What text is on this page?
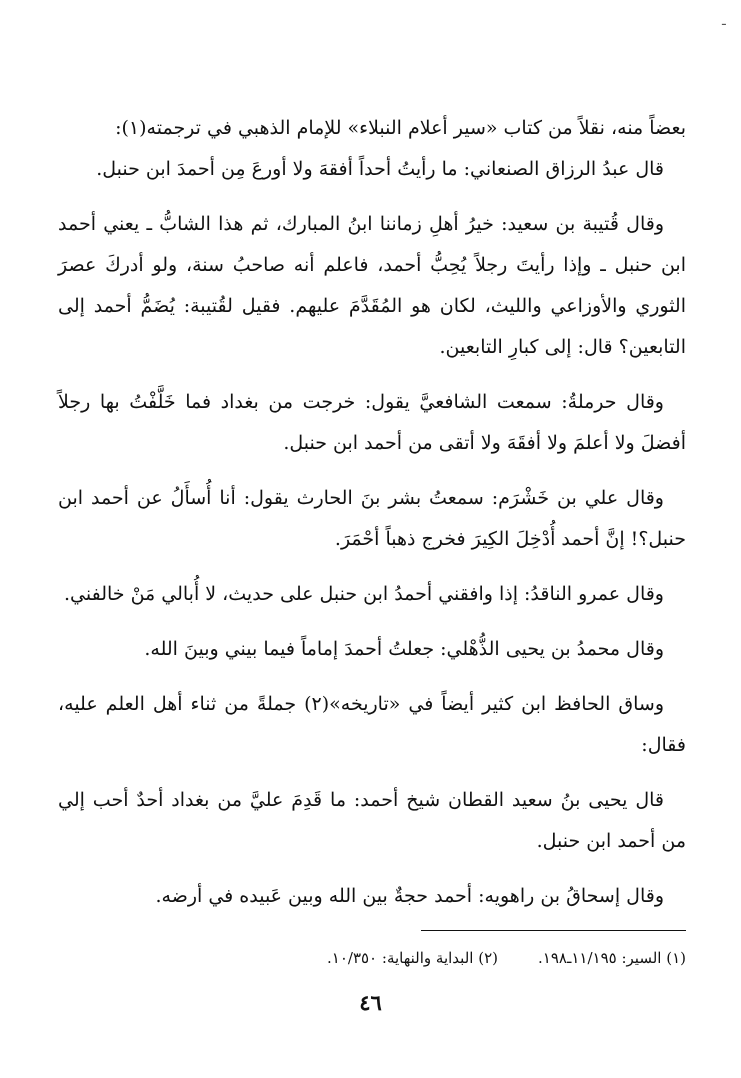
ـ

بعضاً منه، نقلاً من كتاب «سير أعلام النبلاء» للإمام الذهبي في ترجمته(١):

قال عبدُ الرزاق الصنعاني: ما رأيتُ أحداً أفقهَ ولا أورعَ مِن أحمدَ ابن حنبل.

وقال قُتيبة بن سعيد: خيرُ أهلِ زماننا ابنُ المبارك، ثم هذا الشابُّ ـ يعني أحمد ابن حنبل ـ وإذا رأيتَ رجلاً يُحِبُّ أحمد، فاعلم أنه صاحبُ سنة، ولو أدركَ عصرَ الثوري والأوزاعي والليث، لكان هو المُقَدَّمَ عليهم. فقيل لقُتيبة: يُضَمُّ أحمد إلى التابعين؟ قال: إلى كبارِ التابعين.

وقال حرملةُ: سمعت الشافعيَّ يقول: خرجت من بغداد فما خَلَّفْتُ بها رجلاً أفضلَ ولا أعلمَ ولا أفقَهَ ولا أتقى من أحمد ابن حنبل.

وقال علي بن خَشْرَم: سمعتُ بشر بنَ الحارث يقول: أنا أُسأَلُ عن أحمد ابن حنبل؟! إنَّ أحمد أُدْخِلَ الكِيرَ فخرج ذهباً أحْمَرَ.

وقال عمرو الناقدُ: إذا وافقني أحمدُ ابن حنبل على حديث، لا أُبالي مَنْ خالفني.

وقال محمدُ بن يحيى الذُّهْلي: جعلتُ أحمدَ إماماً فيما بيني وبينَ الله.

وساق الحافظ ابن كثير أيضاً في «تاريخه»(٢) جملةً من ثناء أهل العلم عليه، فقال:

قال يحيى بنُ سعيد القطان شيخ أحمد: ما قَدِمَ عليَّ من بغداد أحدٌ أحب إلي من أحمد ابن حنبل.

وقال إسحاقُ بن راهويه: أحمد حجةٌ بين الله وبين عَبيده في أرضه.

(١) السير: ١١/١٩٥ـ١٩٨.
(٢) البداية والنهاية: ١٠/٣٥٠.
٤٦
